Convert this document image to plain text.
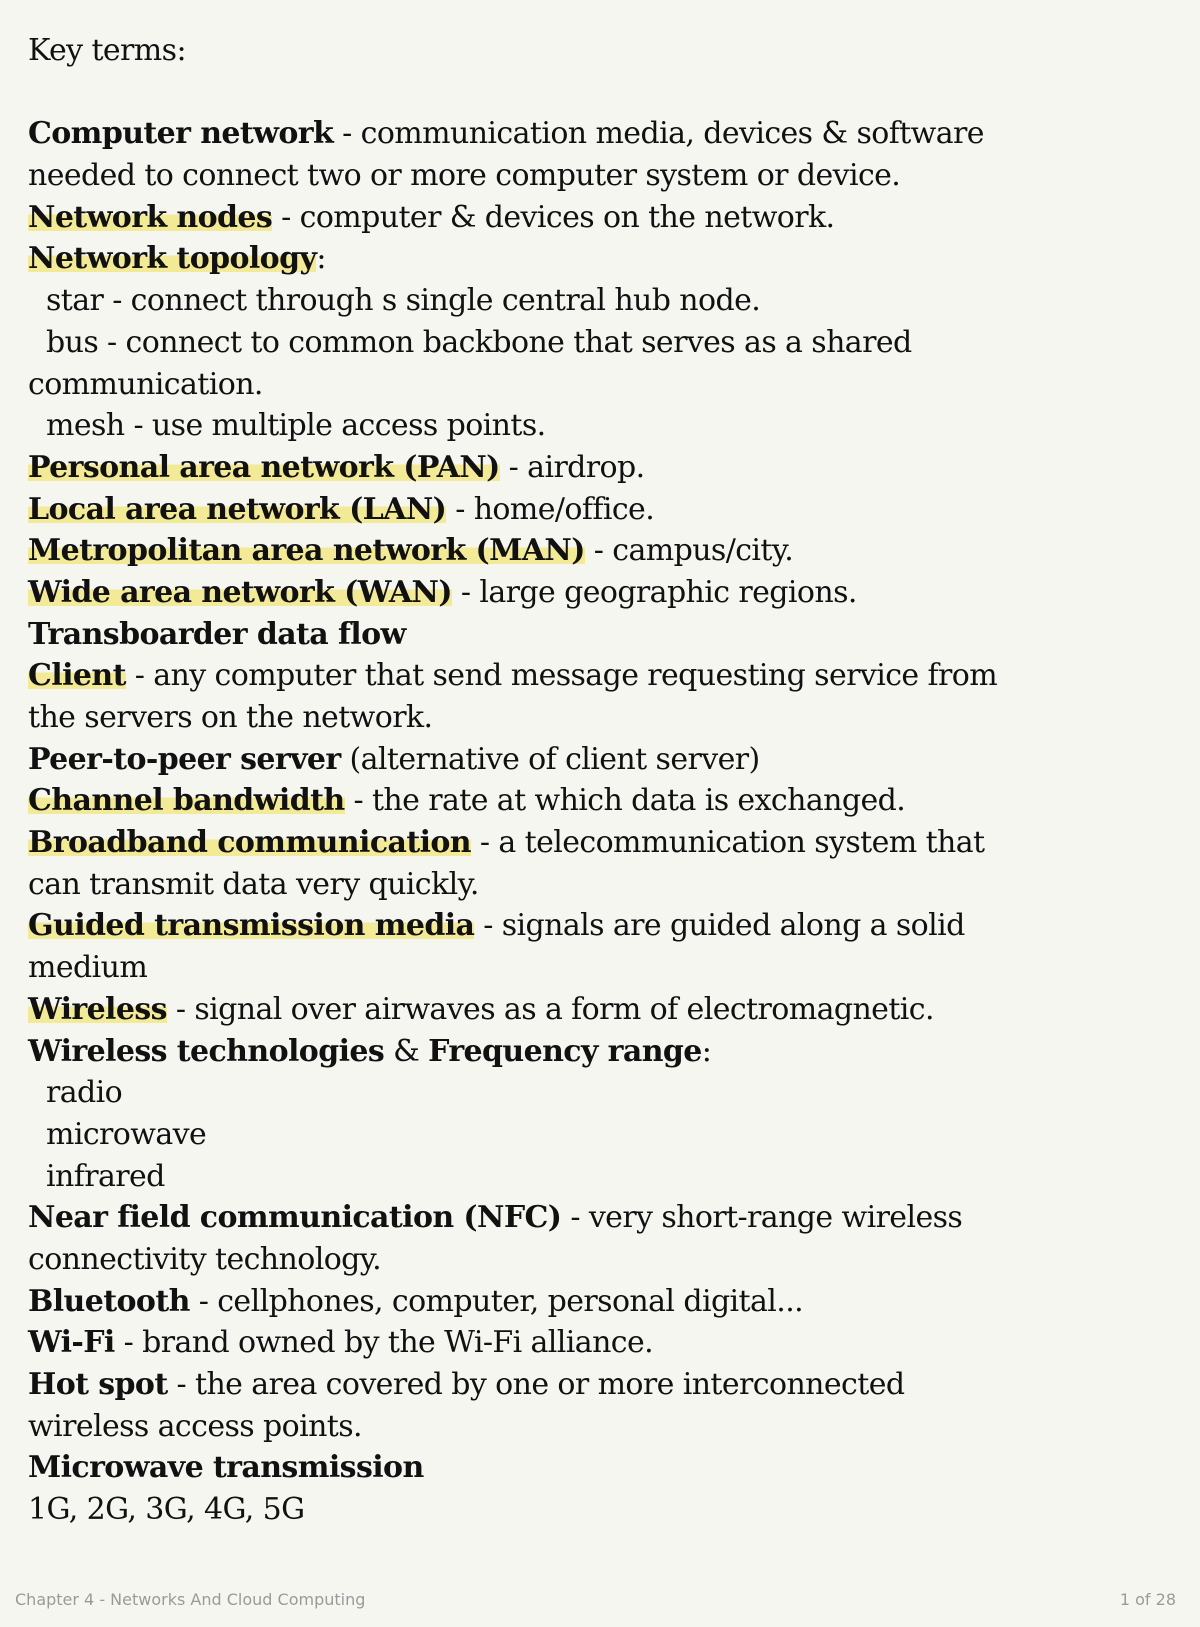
Key terms:
Computer network - communication media, devices & software
needed to connect two or more computer system or device.
Network nodes - computer & devices on the network.
Network topology:
star - connect through s single central hub node.
bus - connect to common backbone that serves as a shared
communication.
mesh - use multiple access points.
Personal area network (PAN) - airdrop.
Local area network (LAN) - home/office.
Metropolitan area network (MAN) - campus/city.
Wide area network (WAN) - large geographic regions.
Transboarder data flow
Client - any computer that send message requesting service from
the servers on the network.
Peer-to-peer server (alternative of client server)
Channel bandwidth - the rate at which data is exchanged.
Broadband communication - a telecommunication system that
can transmit data very quickly.
Guided transmission media - signals are guided along a solid
medium
Wireless - signal over airwaves as a form of electromagnetic.
Wireless technologies & Frequency range:
radio
microwave
infrared
Near field communication (NFC) - very short-range wireless
connectivity technology.
Bluetooth - cellphones, computer, personal digital...
Wi-Fi - brand owned by the Wi-Fi alliance.
Hot spot - the area covered by one or more interconnected
wireless access points.
Microwave transmission
1G, 2G, 3G, 4G, 5G
Chapter 4 - Networks And Cloud Computing	1 of 28
